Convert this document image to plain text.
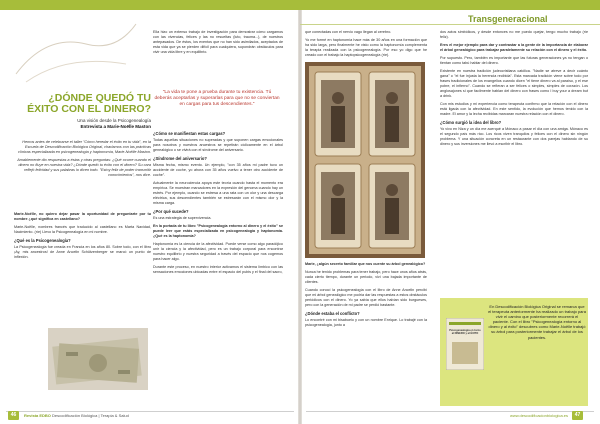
Transgeneracional
¿DÓNDE QUEDÓ TU
ÉXITO CON EL DINERO?
Una visión desde la Psicogenealogía
Entrevista a Marie-Noëlle Maston

Hemos antes de celebrarse el taller "Cómo heredar el éxito en tu vida", en la Escuela de Descodificación Biológica Original, charlamos con las prácticas clínicas especializada en psicogenealogía y haptonomía, Marie-Noëlle Maston.

Amablemente dio respuestas a éstas y otras preguntas: ¿Qué ocurre cuando el dinero no fluye en nuestra vida? ¿Dónde quedó tu éxito con el dinero? Su cara reflejó felicidad y sus palabras lo dicen todo. "Estoy feliz de poder transmitir conocimientos", nos dice.

Marie-Noëlle, no quiero dejar pasar la oportunidad de preguntarte por tu nombre ¿qué significa en castellano?

Marie-Noëlle, nombres francés que traducido al castellano es Marta Navidad, Nacimiento. (ríe) Llevo la Psicogenealogía en mi nombre.

¿Qué es la Psicogenealogía?

La Psicogenealogía fue creada en Francia en los años 80. Sobre todo, con el libro ¡Ay, mis ancestros! de Anne Ancelin Schützenberger se marcó un punto de inflexión.

Ella hizo un extenso trabajo de investigación para demostrar cómo cargamos con las vivencias, felices y las no resueltas (luto, trauma...), de nuestros antepasados. De éstos, los eventos que no han sido asimilados, aceptados de esta vida que ya se pierden difícil para cualquiera, supondrán obstáculos para vivir una vida libre y en equilibrio.

"La vida te pone a prueba durante tu existencia. Tú deberás aceptarlas y superarlas para que no se conviertan en cargas para tus descendientes."
¿Cómo se manifiestan estas cargas?

Todas aquellas situaciones no superadas y que suponen cargas emocionales para nosotros y nuestros ancestros se repetirán cíclicamente en el árbol genealógico o se vivirá con el síndrome del aniversario.

¿Síndrome del aniversario?

Misma fecha, mismo evento. Un ejemplo, "con 35 años mi padre tuvo un accidente de coche, yo ahora con 35 años vuelvo a tener otro accidente de coche".

Actualmente la neurociencia apoya este teoría cuando hasta el momento era empírica. Se muestran marcadores en la expresión del genoma cuando hay un estrés. Por ejemplo, cuando se estresa a una rata con un olor y una descarga eléctrica, sus descendientes también se estresarán con el mismo olor y la misma carga.

¿Por qué sucede?

Es una estrategia de supervivencia.

En la portada de tu libro "Psicogenealogía entorno al dinero y el éxito" se puede leer que estás especializada en psicogenealogía y haptonomía. ¿Qué es la haptonomía?

Haptonomía es la ciencia de la afectividad. Puede verse como algo paradójico unir la ciencia y la afectividad, pero es un trabajo corporal para encontrar nuestro equilibrio y nuestra seguridad a través del espacio que nos cogemos para hacer algo.

Durante este proceso, en nuestro interior activamos el sistema límbico con las sensaciones emociones ubicadas entre el espacio del pubis y el final del sacro,

que conectadas con el nervio vago llegan al cerebro.

Yo me formé en haptonomía hace más de 30 años en una formación que ha sido larga, pero finalmente he visto como la haptonomía complementa la terapia realizada con la psicogenealogía. Por eso yo digo que he creado con el trabajo la haptopsicogenealogía (ríe).

Marie, ¿algún secreto familiar que nos cuente su árbol genealógico?

Nunca he tenido problemas para tener trabajo, pero hace unos años atrás, cada cierto tiempo, durante un periodo, viví una bajada importante de clientes.

Cuando conocí la psicogenealogía con el libro de Anne Ancelin percibí que mi árbol genealógico me podría dar las respuestas a estos obstáculos periódicos con el dinero. Yo ya sabía que ellos habían sido burgueses, pero con la generación de mi padre se perdió bastante.

¿Dónde estaba el conflicto?

Lo encontré con mi bisabuelo y con un nombre Enrique. Lo trabajé con la psicogenealogía, junto a

dos actos simbólicos, y desde entonces no me puedo quejar, tengo mucho trabajo (ríe feliz).

Eres el mejor ejemplo para dar y contrastar a la gente de la importancia de elaborar el árbol genealógico para trabajar paralelamente su relación con el dinero y el éxito.

Por supuesto. Pero, también es importante que las futuras generaciones ya no tengan o tientan como tabú hablar del dinero.

Existente en nuestra tradición judeocristiana católica. "Nadie se atreve a decir cuánto gana" o "el fue injusta la herencia recibida". Esta marcada tradición viene sobre todo por frases tradicionales de los evangelios cuando dicen "el tiene dinero va al paraíso, y el ese pobre, el infierno". Cuando se refieran a ser felices o simples, simples de corazón. Los anglosajones si que facilmente hablan del dinero con frases como I buy your a dream but a drink.

Con mis estudios y mi experiencia como terapeuta confirmo que la relación con el dinero está ligada con la afectividad. En este sentido, la evolución que hemos tenido con la madre. El amor y la lecha recibidas marcaran nuestra relación con el dinero.

¿Cómo surgió la idea del libro?

Yo vivo en Niza y un día me acerqué a Mónaco a pasar el día con una amiga. Mónaco es el segundo país más rico. Los ricos viven tranquilos y felices con el dinero sin ningún problema. Y una situación concreta en un restaurante con dos parejas hablando de su dinero y sus inversiones me llevó a escribir el libro.

Psicogenealogía en torno al DINERO y al ÉXITO
En Descodificación Biológica Original se remarca que el terapeuta anteriormente ha realizado un trabajo para vivir el camino que posteriormente recorrerá el paciente. Con el libro "Psicogenealogía entorno al dinero y al éxito" descubres como Marie-Noëlle trabajó su árbol para posteriormente trabajar el árbol de los pacientes.
46	Revista EDBO Descodificación Biológica | Terapia & Salud	www.descodificacionbiologica.es	47
